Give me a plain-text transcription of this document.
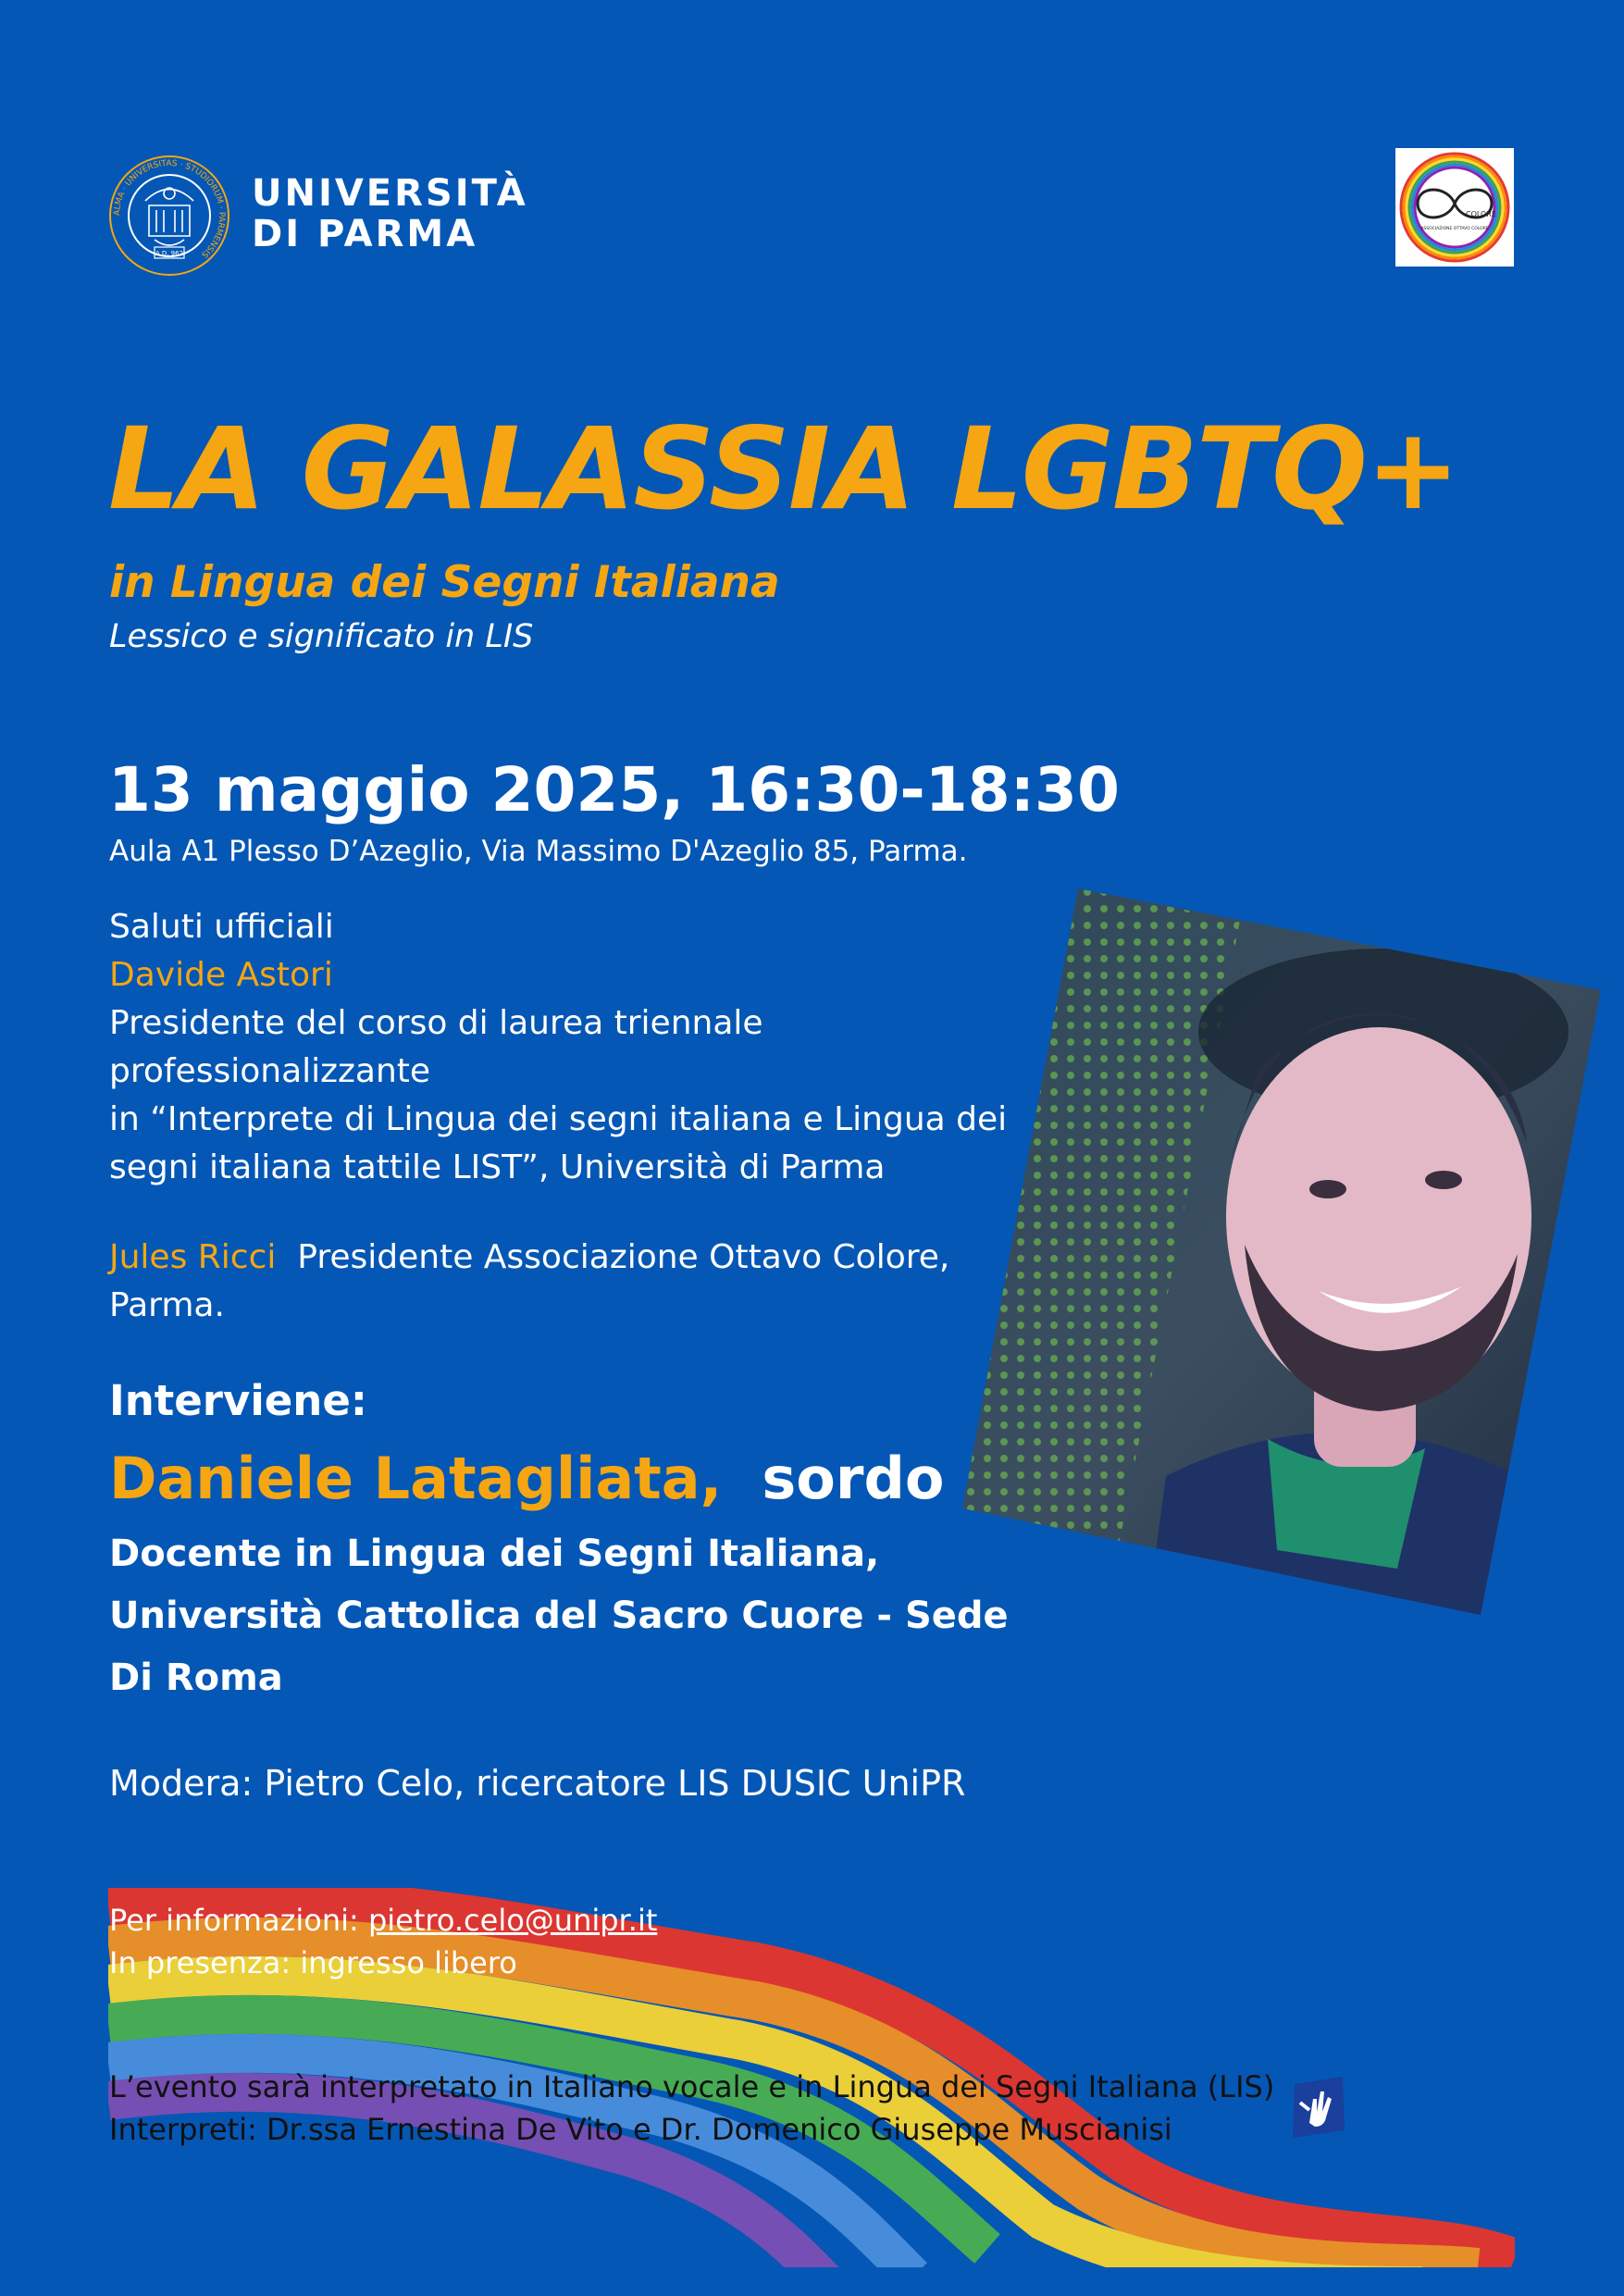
ALMA · UNIVERSITAS · STUDIORUM · PARMENSIS
A.D. 962
UNIVERSITÀ
DI PARMA	COLORE
ASSOCIAZIONE OTTAVO COLORE
LA GALASSIA LGBTQ+
in Lingua dei Segni Italiana
Lessico e significato in LIS
13 maggio 2025, 16:30-18:30
Aula A1 Plesso D’Azeglio, Via Massimo D'Azeglio 85, Parma.
Saluti ufficiali
Davide Astori
Presidente del corso di laurea triennale
professionalizzante
in “Interprete di Lingua dei segni italiana e Lingua dei
segni italiana tattile LIST”, Università di Parma
Jules Ricci Presidente Associazione Ottavo Colore,
Parma.
Interviene:
Daniele Latagliata, sordo
Docente in Lingua dei Segni Italiana,
Università Cattolica del Sacro Cuore - Sede
Di Roma
Modera: Pietro Celo, ricercatore LIS DUSIC UniPR
Per informazioni: pietro.celo@unipr.it
In presenza: ingresso libero
L’evento sarà interpretato in Italiano vocale e in Lingua dei Segni Italiana (LIS)
Interpreti: Dr.ssa Ernestina De Vito e Dr. Domenico Giuseppe Muscianisi
